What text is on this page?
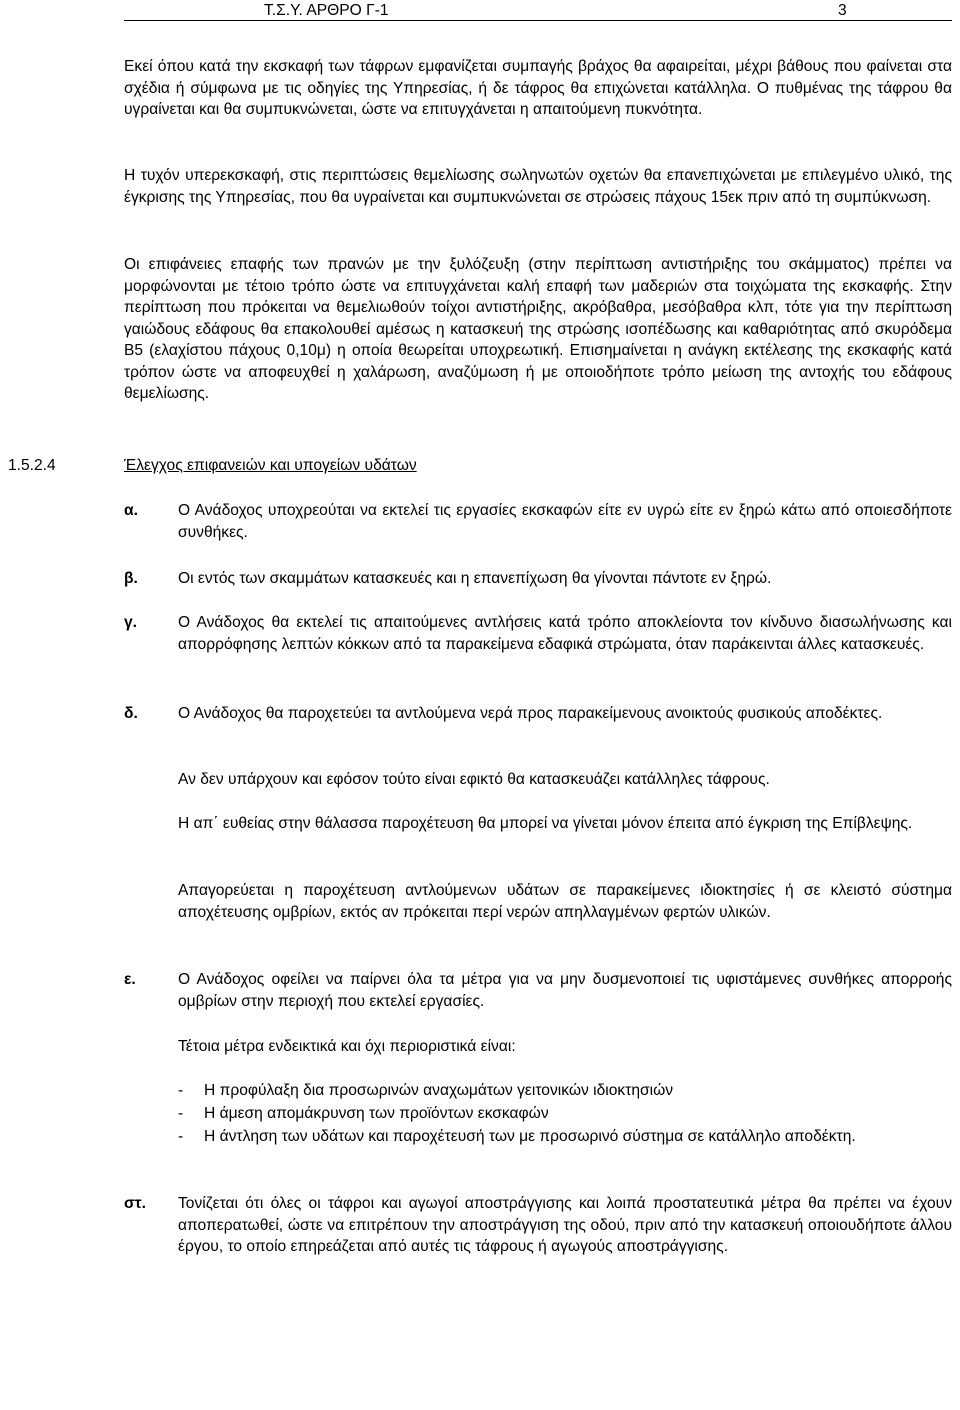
Τ.Σ.Υ. ΑΡΘΡΟ Γ-1	3

Εκεί όπου κατά την εκσκαφή των τάφρων εμφανίζεται συμπαγής βράχος θα αφαιρείται, μέχρι βάθους που φαίνεται στα σχέδια ή σύμφωνα με τις οδηγίες της Υπηρεσίας, ή δε τάφρος θα επιχώνεται κατάλληλα. Ο πυθμένας της τάφρου θα υγραίνεται και θα συμπυκνώνεται, ώστε να επιτυγχάνεται η απαιτούμενη πυκνότητα.

Η τυχόν υπερεκσκαφή, στις περιπτώσεις θεμελίωσης σωληνωτών οχετών θα επανεπιχώνεται με επιλεγμένο υλικό, της έγκρισης της Υπηρεσίας, που θα υγραίνεται και συμπυκνώνεται σε στρώσεις πάχους 15εκ πριν από τη συμπύκνωση.

Οι επιφάνειες επαφής των πρανών με την ξυλόζευξη (στην περίπτωση αντιστήριξης του σκάμματος) πρέπει να μορφώνονται με τέτοιο τρόπο ώστε να επιτυγχάνεται καλή επαφή των μαδεριών στα τοιχώματα της εκσκαφής. Στην περίπτωση που πρόκειται να θεμελιωθούν τοίχοι αντιστήριξης, ακρόβαθρα, μεσόβαθρα κλπ, τότε για την περίπτωση γαιώδους εδάφους θα επακολουθεί αμέσως η κατασκευή της στρώσης ισοπέδωσης και καθαριότητας από σκυρόδεμα Β5 (ελαχίστου πάχους 0,10μ) η οποία θεωρείται υποχρεωτική. Επισημαίνεται η ανάγκη εκτέλεσης της εκσκαφής κατά τρόπον ώστε να αποφευχθεί η χαλάρωση, αναζύμωση ή με οποιοδήποτε τρόπο μείωση της αντοχής του εδάφους θεμελίωσης.

1.5.2.4	Έλεγχος επιφανειών και υπογείων υδάτων
α.	Ο Ανάδοχος υποχρεούται να εκτελεί τις εργασίες εκσκαφών είτε εν υγρώ είτε εν ξηρώ κάτω από οποιεσδήποτε συνθήκες.

β.	Οι εντός των σκαμμάτων κατασκευές και η επανεπίχωση θα γίνονται πάντοτε εν ξηρώ.

γ.	Ο Ανάδοχος θα εκτελεί τις απαιτούμενες αντλήσεις κατά τρόπο αποκλείοντα τον κίνδυνο διασωλήνωσης και απορρόφησης λεπτών κόκκων από τα παρακείμενα εδαφικά στρώματα, όταν παράκεινται άλλες κατασκευές.

δ.	Ο Ανάδοχος θα παροχετεύει τα αντλούμενα νερά προς παρακείμενους ανοικτούς φυσικούς αποδέκτες.

Αν δεν υπάρχουν και εφόσον τούτο είναι εφικτό θα κατασκευάζει κατάλληλες τάφρους.

Η απ΄ ευθείας στην θάλασσα παροχέτευση θα μπορεί να γίνεται μόνον έπειτα από έγκριση της Επίβλεψης.

Απαγορεύεται η παροχέτευση αντλούμενων υδάτων σε παρακείμενες ιδιοκτησίες ή σε κλειστό σύστημα αποχέτευσης ομβρίων, εκτός αν πρόκειται περί νερών απηλλαγμένων φερτών υλικών.

ε.	Ο Ανάδοχος οφείλει να παίρνει όλα τα μέτρα για να μην δυσμενοποιεί τις υφιστάμενες συνθήκες απορροής ομβρίων στην περιοχή που εκτελεί εργασίες.

Τέτοια μέτρα ενδεικτικά και όχι περιοριστικά είναι:

- Η προφύλαξη δια προσωρινών αναχωμάτων γειτονικών ιδιοκτησιών

- Η άμεση απομάκρυνση των προϊόντων εκσκαφών

- Η άντληση των υδάτων και παροχέτευσή των με προσωρινό σύστημα σε κατάλληλο αποδέκτη.

στ. Τονίζεται ότι όλες οι τάφροι και αγωγοί αποστράγγισης και λοιπά προστατευτικά μέτρα θα πρέπει να έχουν αποπερατωθεί, ώστε να επιτρέπουν την αποστράγγιση της οδού, πριν από την κατασκευή οποιουδήποτε άλλου έργου, το οποίο επηρεάζεται από αυτές τις τάφρους ή αγωγούς αποστράγγισης.
